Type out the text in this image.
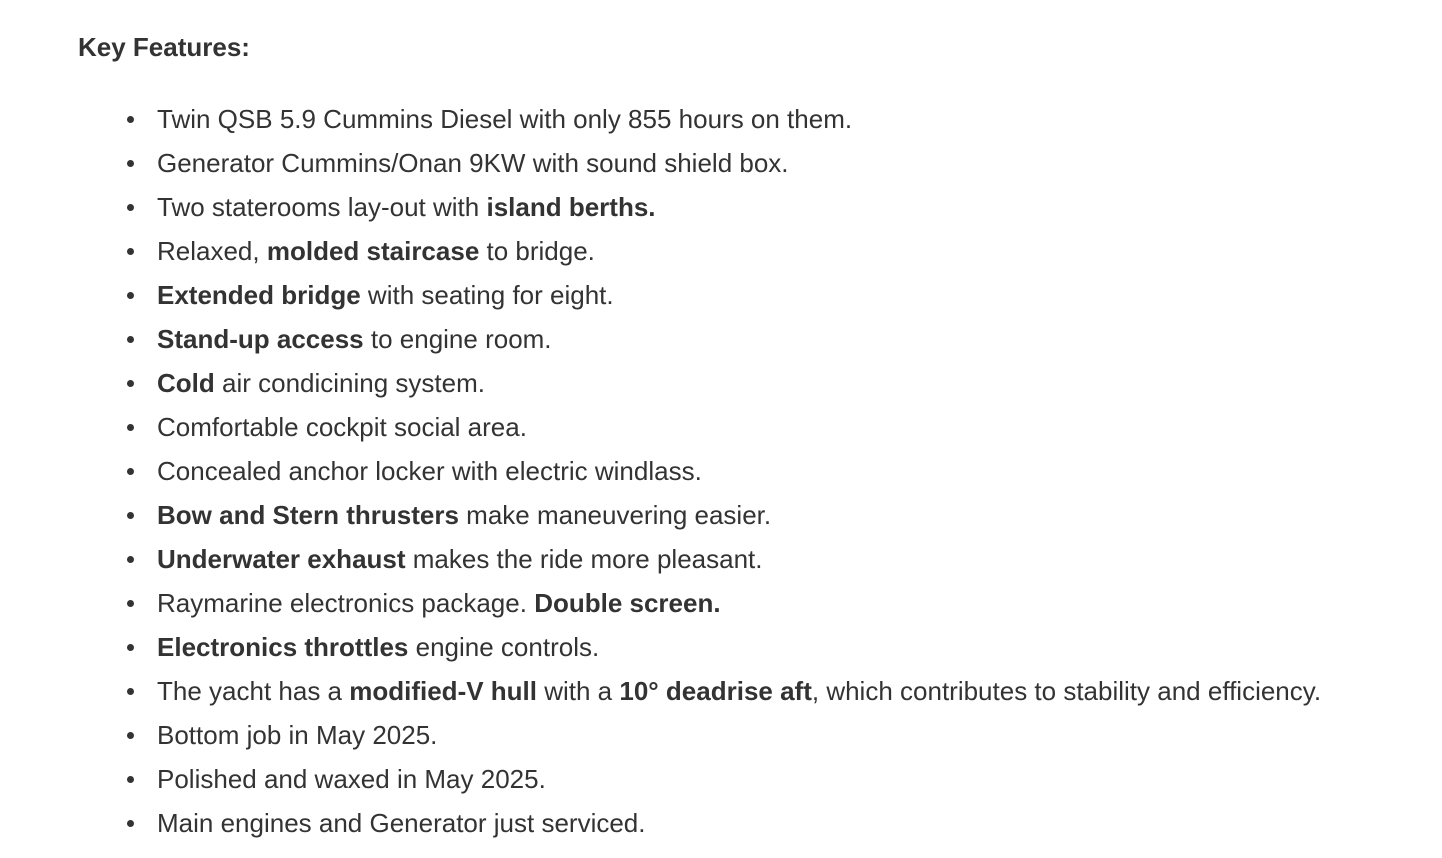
Key Features:
Twin QSB 5.9 Cummins Diesel with only 855 hours on them.
Generator Cummins/Onan 9KW with sound shield box.
Two staterooms lay-out with island berths.
Relaxed, molded staircase to bridge.
Extended bridge with seating for eight.
Stand-up access to engine room.
Cold air condicining system.
Comfortable cockpit social area.
Concealed anchor locker with electric windlass.
Bow and Stern thrusters make maneuvering easier.
Underwater exhaust makes the ride more pleasant.
Raymarine electronics package. Double screen.
Electronics throttles engine controls.
The yacht has a modified-V hull with a 10° deadrise aft, which contributes to stability and efficiency.
Bottom job in May 2025.
Polished and waxed in May 2025.
Main engines and Generator just serviced.
